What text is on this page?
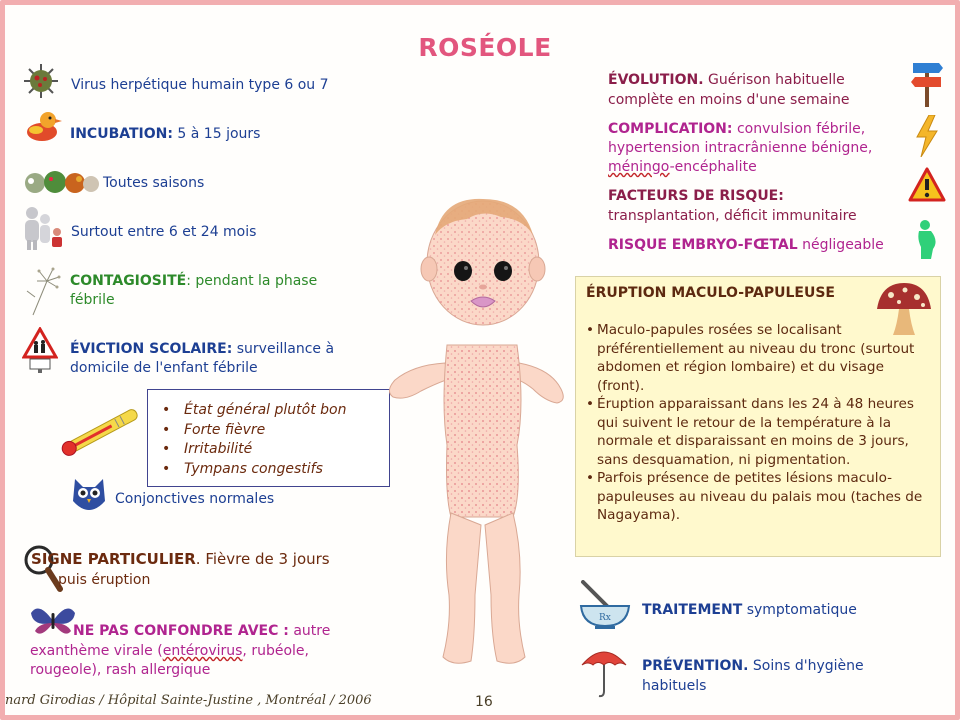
ROSÉOLE
Virus herpétique humain type 6 ou 7
INCUBATION: 5 à 15 jours
Toutes saisons
Surtout entre 6 et 24 mois
CONTAGIOSITÉ: pendant la phase
fébrile
ÉVICTION SCOLAIRE: surveillance à
domicile de l'enfant fébrile
• État général plutôt bon
• Forte fièvre
• Irritabilité
• Tympans congestifs
Conjonctives normales
SIGNE PARTICULIER. Fièvre de 3 jours
puis éruption
NE PAS CONFONDRE AVEC : autre
exanthème virale (entérovirus, rubéole,
rougeole), rash allergique
ÉVOLUTION. Guérison habituelle
complète en moins d'une semaine
COMPLICATION: convulsion fébrile,
hypertension intracrânienne bénigne,
méningo-encéphalite
FACTEURS DE RISQUE:
transplantation, déficit immunitaire
RISQUE EMBRYO-FŒTAL négligeable
ÉRUPTION MACULO-PAPULEUSE
• Maculo-papules rosées se localisant préférentiellement au niveau du tronc (surtout abdomen et région lombaire) et du visage (front).
• Éruption apparaissant dans les 24 à 48 heures qui suivent le retour de la température à la normale et disparaissant en moins de 3 jours, sans desquamation, ni pigmentation.
• Parfois présence de petites lésions maculo-papuleuses au niveau du palais mou (taches de Nagayama).
Rx TRAITEMENT symptomatique
PRÉVENTION. Soins d'hygiène
habituels
nard Girodias / Hôpital Sainte-Justine , Montréal / 2006	16
